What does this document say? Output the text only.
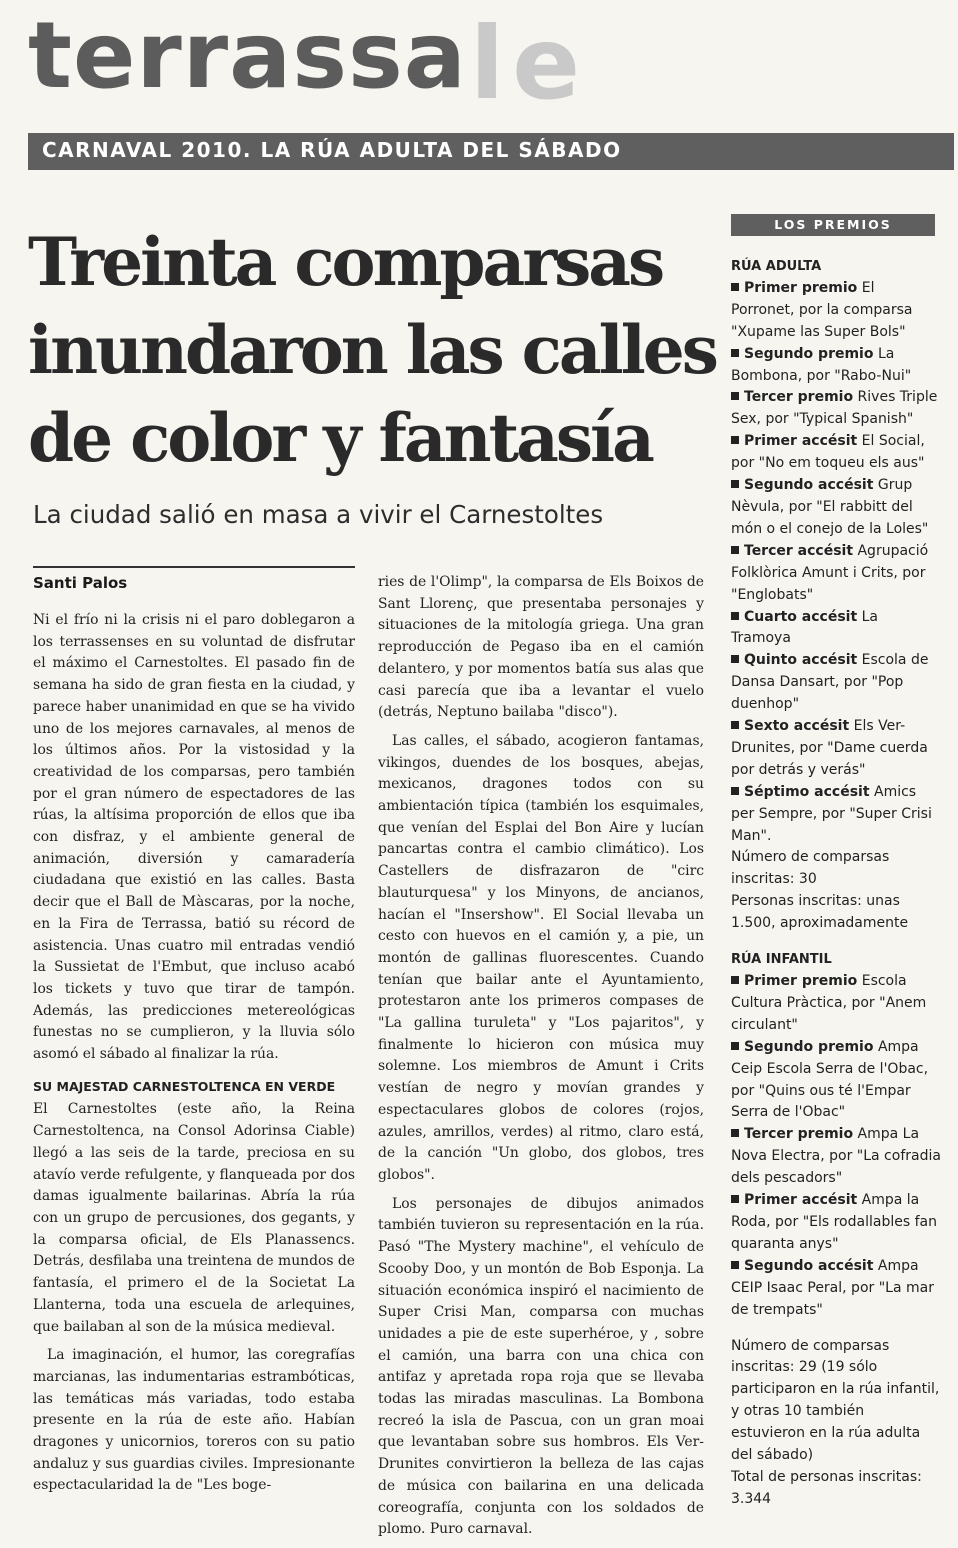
terrassa le
CARNAVAL 2010. LA RÚA ADULTA DEL SÁBADO
Treinta comparsas
inundaron las calles
de color y fantasía
La ciudad salió en masa a vivir el Carnestoltes
Santi Palos

Ni el frío ni la crisis ni el paro doblegaron a los terrassenses en su voluntad de disfrutar el máximo el Carnestoltes. El pasado fin de semana ha sido de gran fiesta en la ciudad, y parece haber unanimidad en que se ha vivido uno de los mejores carnavales, al menos de los últimos años. Por la vistosidad y la creatividad de los comparsas, pero también por el gran número de espectadores de las rúas, la altísima proporción de ellos que iba con disfraz, y el ambiente general de animación, diversión y camaradería ciudadana que existió en las calles. Basta decir que el Ball de Màscaras, por la noche, en la Fira de Terrassa, batió su récord de asistencia. Unas cuatro mil entradas vendió la Sussietat de l'Embut, que incluso acabó los tickets y tuvo que tirar de tampón. Además, las predicciones metereológicas funestas no se cumplieron, y la lluvia sólo asomó el sábado al finalizar la rúa.

SU MAJESTAD CARNESTOLTENCA EN VERDE

El Carnestoltes (este año, la Reina Carnestoltenca, na Consol Adorinsa Ciable) llegó a las seis de la tarde, preciosa en su atavío verde refulgente, y flanqueada por dos damas igualmente bailarinas. Abría la rúa con un grupo de percusiones, dos gegants, y la comparsa oficial, de Els Planassencs. Detrás, desfilaba una treintena de mundos de fantasía, el primero el de la Societat La Llanterna, toda una escuela de arlequines, que bailaban al son de la música medieval.

La imaginación, el humor, las coregrafías marcianas, las indumentarias estrambóticas, las temáticas más variadas, todo estaba presente en la rúa de este año. Habían dragones y unicornios, toreros con su patio andaluz y sus guardias civiles. Impresionante espectacularidad la de "Les boge-

ries de l'Olimp", la comparsa de Els Boixos de Sant Llorenç, que presentaba personajes y situaciones de la mitología griega. Una gran reproducción de Pegaso iba en el camión delantero, y por momentos batía sus alas que casi parecía que iba a levantar el vuelo (detrás, Neptuno bailaba "disco").

Las calles, el sábado, acogieron fantamas, vikingos, duendes de los bosques, abejas, mexicanos, dragones todos con su ambientación típica (también los esquimales, que venían del Esplai del Bon Aire y lucían pancartas contra el cambio climático). Los Castellers de disfrazaron de "circ blauturquesa" y los Minyons, de ancianos, hacían el "Insershow". El Social llevaba un cesto con huevos en el camión y, a pie, un montón de gallinas fluorescentes. Cuando tenían que bailar ante el Ayuntamiento, protestaron ante los primeros compases de "La gallina turuleta" y "Los pajaritos", y finalmente lo hicieron con música muy solemne. Los miembros de Amunt i Crits vestían de negro y movían grandes y espectaculares globos de colores (rojos, azules, amrillos, verdes) al ritmo, claro está, de la canción "Un globo, dos globos, tres globos".

Los personajes de dibujos animados también tuvieron su representación en la rúa. Pasó "The Mystery machine", el vehículo de Scooby Doo, y un montón de Bob Esponja. La situación económica inspiró el nacimiento de Super Crisi Man, comparsa con muchas unidades a pie de este superhéroe, y , sobre el camión, una barra con una chica con antifaz y apretada ropa roja que se llevaba todas las miradas masculinas. La Bombona recreó la isla de Pascua, con un gran moai que levantaban sobre sus hombros. Els Ver-Drunites convirtieron la belleza de las cajas de música con bailarina en una delicada coreografía, conjunta con los soldados de plomo. Puro carnaval.

LOS PREMIOS

RÚA ADULTA

Primer premio El Porronet, por la comparsa "Xupame las Super Bols"

Segundo premio La Bombona, por "Rabo-Nui"

Tercer premio Rives Triple Sex, por "Typical Spanish"

Primer accésit El Social, por "No em toqueu els aus"

Segundo accésit Grup Nèvula, por "El rabbitt del món o el conejo de la Loles"

Tercer accésit Agrupació Folklòrica Amunt i Crits, por "Englobats"

Cuarto accésit La Tramoya

Quinto accésit Escola de Dansa Dansart, por "Pop duenhop"

Sexto accésit Els Ver-Drunites, por "Dame cuerda por detrás y verás"

Séptimo accésit Amics per Sempre, por "Super Crisi Man".

Número de comparsas inscritas: 30

Personas inscritas: unas 1.500, aproximadamente

RÚA INFANTIL

Primer premio Escola Cultura Pràctica, por "Anem circulant"

Segundo premio Ampa Ceip Escola Serra de l'Obac, por "Quins ous té l'Empar Serra de l'Obac"

Tercer premio Ampa La Nova Electra, por "La cofradia dels pescadors"

Primer accésit Ampa la Roda, por "Els rodallables fan quaranta anys"

Segundo accésit Ampa CEIP Isaac Peral, por "La mar de trempats"

Número de comparsas inscritas: 29 (19 sólo participaron en la rúa infantil, y otras 10 también estuvieron en la rúa adulta del sábado)

Total de personas inscritas: 3.344
